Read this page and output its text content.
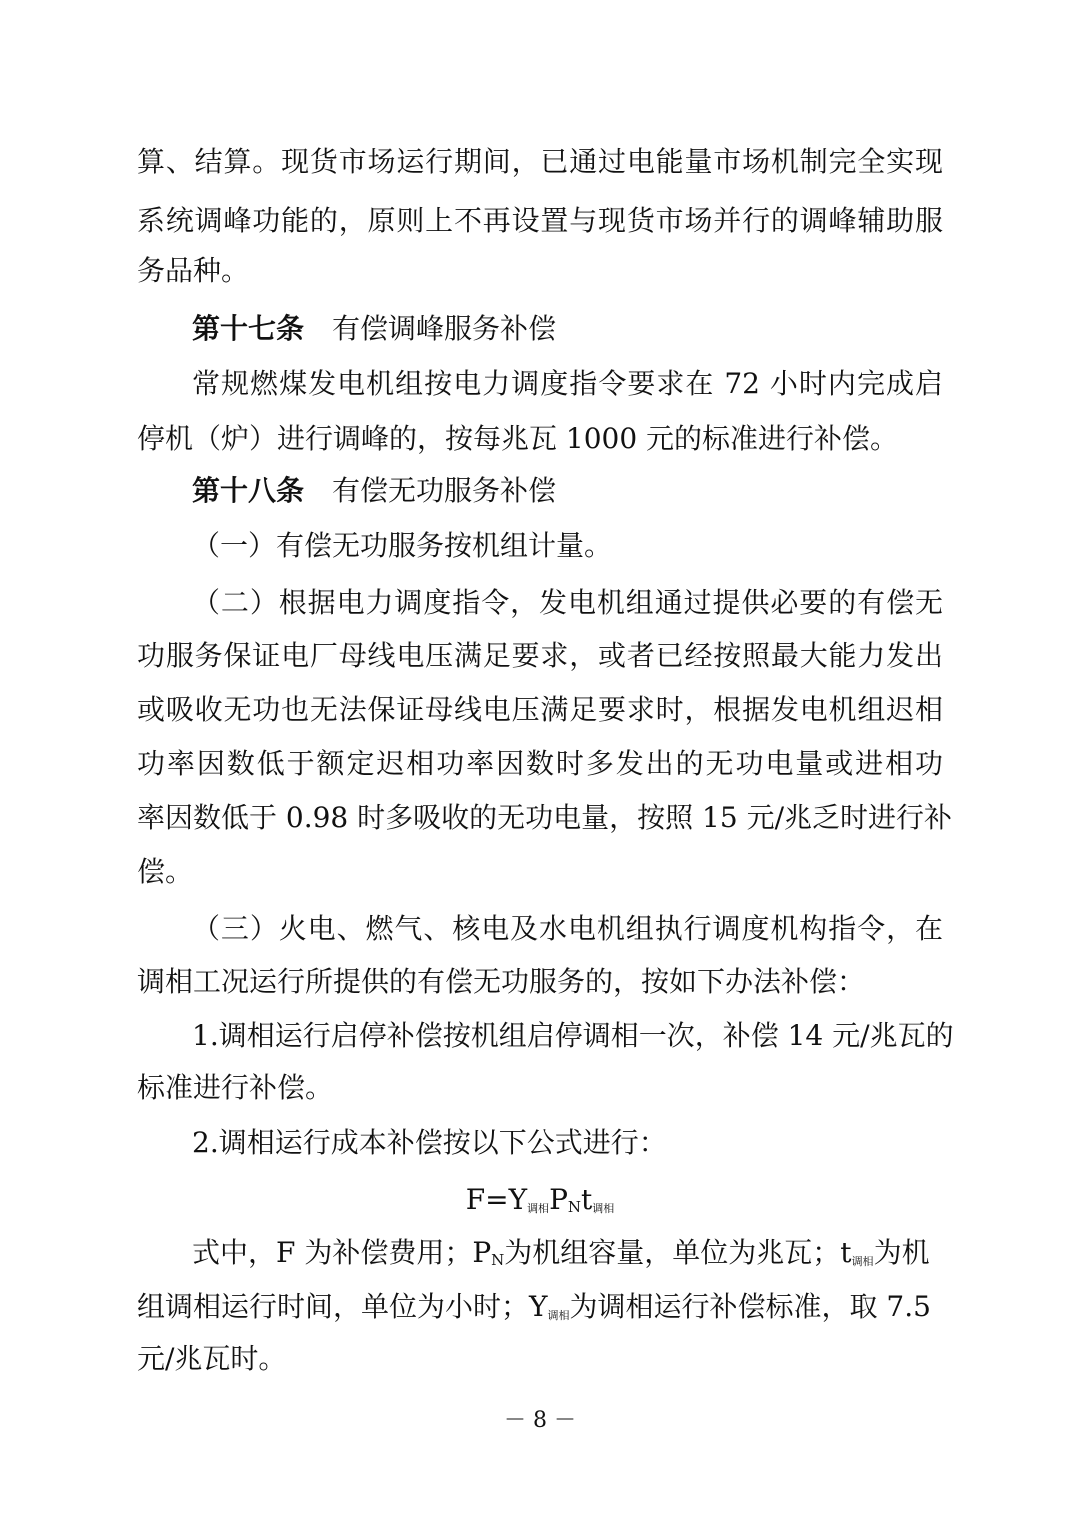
算、结算。现货市场运行期间，已通过电能量市场机制完全实现
系统调峰功能的，原则上不再设置与现货市场并行的调峰辅助服
务品种。
第十七条 有偿调峰服务补偿
常规燃煤发电机组按电力调度指令要求在 72 小时内完成启
停机（炉）进行调峰的，按每兆瓦 1000 元的标准进行补偿。
第十八条 有偿无功服务补偿
（一）有偿无功服务按机组计量。
（二）根据电力调度指令，发电机组通过提供必要的有偿无
功服务保证电厂母线电压满足要求，或者已经按照最大能力发出
或吸收无功也无法保证母线电压满足要求时，根据发电机组迟相
功率因数低于额定迟相功率因数时多发出的无功电量或进相功
率因数低于 0.98 时多吸收的无功电量，按照 15 元/兆乏时进行补
偿。
（三）火电、燃气、核电及水电机组执行调度机构指令，在
调相工况运行所提供的有偿无功服务的，按如下办法补偿：
1.调相运行启停补偿按机组启停调相一次，补偿 14 元/兆瓦的
标准进行补偿。
2.调相运行成本补偿按以下公式进行：
$F=Y_{调相}P_Nt_{调相}$
式中，F 为补偿费用；$P_N$为机组容量，单位为兆瓦；$t_{调相}$为机
组调相运行时间，单位为小时；$Y_{调相}$为调相运行补偿标准，取 7.5
元/兆瓦时。
－ 8 －
